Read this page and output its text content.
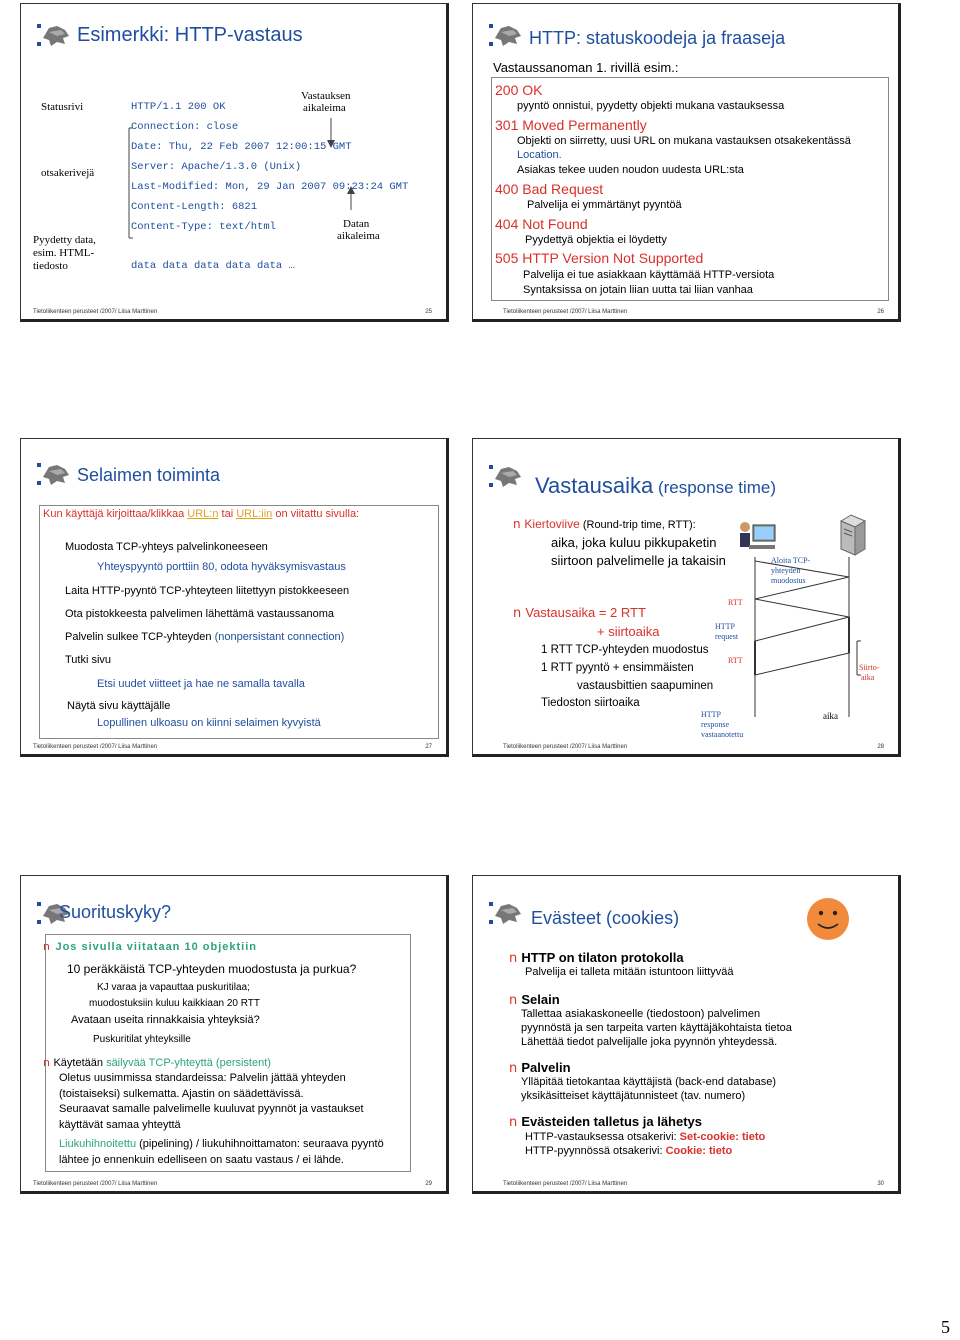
Esimerkki: HTTP-vastaus
Statusrivi
otsakerivejä
Pyydetty data,
esim. HTML-
tiedosto
Vastauksen
aikaleima
Datan
aikaleima
HTTP/1.1 200 OK
Connection: close
Date: Thu, 22 Feb 2007 12:00:15 GMT
Server: Apache/1.3.0 (Unix)
Last-Modified: Mon, 29 Jan 2007 09:23:24 GMT
Content-Length: 6821
Content-Type: text/html
data data data data data …
Tietoliikenteen perusteet /2007/ Liisa Marttinen	25
HTTP: statuskoodeja ja fraaseja
Vastaussanoman 1. rivillä esim.:
200 OK
pyyntö onnistui, pyydetty objekti mukana vastauksessa
301 Moved Permanently
Objekti on siirretty, uusi URL on mukana vastauksen otsakekentässä
Location.
Asiakas tekee uuden noudon uudesta URL:sta
400 Bad Request
Palvelija ei ymmärtänyt pyyntöä
404 Not Found
Pyydettyä objektia ei löydetty
505 HTTP Version Not Supported
Palvelija ei tue asiakkaan käyttämää HTTP-versiota
Syntaksissa on jotain liian uutta tai liian vanhaa
Tietoliikenteen perusteet /2007/ Liisa Marttinen	26
Selaimen toiminta
Kun käyttäjä kirjoittaa/klikkaa URL:n tai URL:iin on viitattu sivulla:
Muodosta TCP-yhteys palvelinkoneeseen
Yhteyspyyntö porttiin 80, odota hyväksymisvastaus
Laita HTTP-pyyntö TCP-yhteyteen liitettyyn pistokkeeseen
Ota pistokkeesta palvelimen lähettämä vastaussanoma
Palvelin sulkee TCP-yhteyden (nonpersistant connection)
Tutki sivu
Etsi uudet viitteet ja hae ne samalla tavalla
Näytä sivu käyttäjälle
Lopullinen ulkoasu on kiinni selaimen kyvyistä
Tietoliikenteen perusteet /2007/ Liisa Marttinen	27
Vastausaika (response time)
n Kiertoviive (Round-trip time, RTT):
aika, joka kuluu pikkupaketin
siirtoon palvelimelle ja takaisin
n Vastausaika = 2 RTT
+ siirtoaika
1 RTT TCP-yhteyden muodostus
1 RTT pyyntö + ensimmäisten
vastausbittien saapuminen
Tiedoston siirtoaika
Aloita TCP-
yhteyden
muodostus
RTT
HTTP
request
RTT
HTTP
response
vastaanotettu
Siirto-
aika
aika
Tietoliikenteen perusteet /2007/ Liisa Marttinen	28
Suorituskyky?
n Jos sivulla viitataan 10 objektiin
10 peräkkäistä TCP-yhteyden muodostusta ja purkua?
KJ varaa ja vapauttaa puskuritilaa;
muodostuksiin kuluu kaikkiaan 20 RTT
Avataan useita rinnakkaisia yhteyksiä?
Puskuritilat yhteyksille
n Käytetään säilyvää TCP-yhteyttä (persistent)
Oletus uusimmissa standardeissa: Palvelin jättää yhteyden
(toistaiseksi) sulkematta. Ajastin on säädettävissä.
Seuraavat samalle palvelimelle kuuluvat pyynnöt ja vastaukset
käyttävät samaa yhteyttä
Liukuhihnoitettu (pipelining) / liukuhihnoittamaton: seuraava pyyntö
lähtee jo ennenkuin edelliseen on saatu vastaus / ei lähde.
Tietoliikenteen perusteet /2007/ Liisa Marttinen	29
Evästeet (cookies)
n HTTP on tilaton protokolla
Palvelija ei talleta mitään istuntoon liittyvää
n Selain
Tallettaa asiakaskoneelle (tiedostoon) palvelimen
pyynnöstä ja sen tarpeita varten käyttäjäkohtaista tietoa
Lähettää tiedot palvelijalle joka pyynnön yhteydessä.
n Palvelin
Ylläpitää tietokantaa käyttäjistä (back-end database)
yksikäsitteiset käyttäjätunnisteet (tav. numero)
n Evästeiden talletus ja lähetys
HTTP-vastauksessa otsakerivi: Set-cookie: tieto
HTTP-pyynnössä otsakerivi: Cookie: tieto
Tietoliikenteen perusteet /2007/ Liisa Marttinen	30
5
